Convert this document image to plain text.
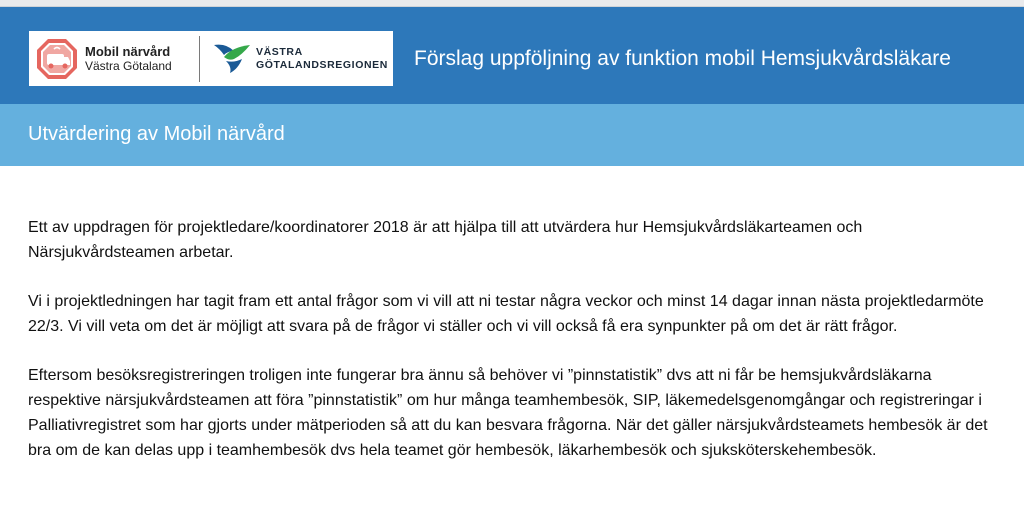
Mobil närvård
Västra Götaland
VÄSTRA
GÖTALANDSREGIONEN Förslag uppföljning av funktion mobil Hemsjukvårdsläkare
Utvärdering av Mobil närvård

Ett av uppdragen för projektledare/koordinatorer 2018 är att hjälpa till att utvärdera hur Hemsjukvårdsläkarteamen och Närsjukvårdsteamen arbetar.

Vi i projektledningen har tagit fram ett antal frågor som vi vill att ni testar några veckor och minst 14 dagar innan nästa projektledarmöte 22/3. Vi vill veta om det är möjligt att svara på de frågor vi ställer och vi vill också få era synpunkter på om det är rätt frågor.

Eftersom besöksregistreringen troligen inte fungerar bra ännu så behöver vi ”pinnstatistik” dvs att ni får be hemsjukvårdsläkarna respektive närsjukvårdsteamen att föra ”pinnstatistik” om hur många teamhembesök, SIP, läkemedelsgenomgångar och registreringar i Palliativregistret som har gjorts under mätperioden så att du kan besvara frågorna. När det gäller närsjukvårdsteamets hembesök är det bra om de kan delas upp i teamhembesök dvs hela teamet gör hembesök, läkarhembesök och sjuksköterskehembesök.
